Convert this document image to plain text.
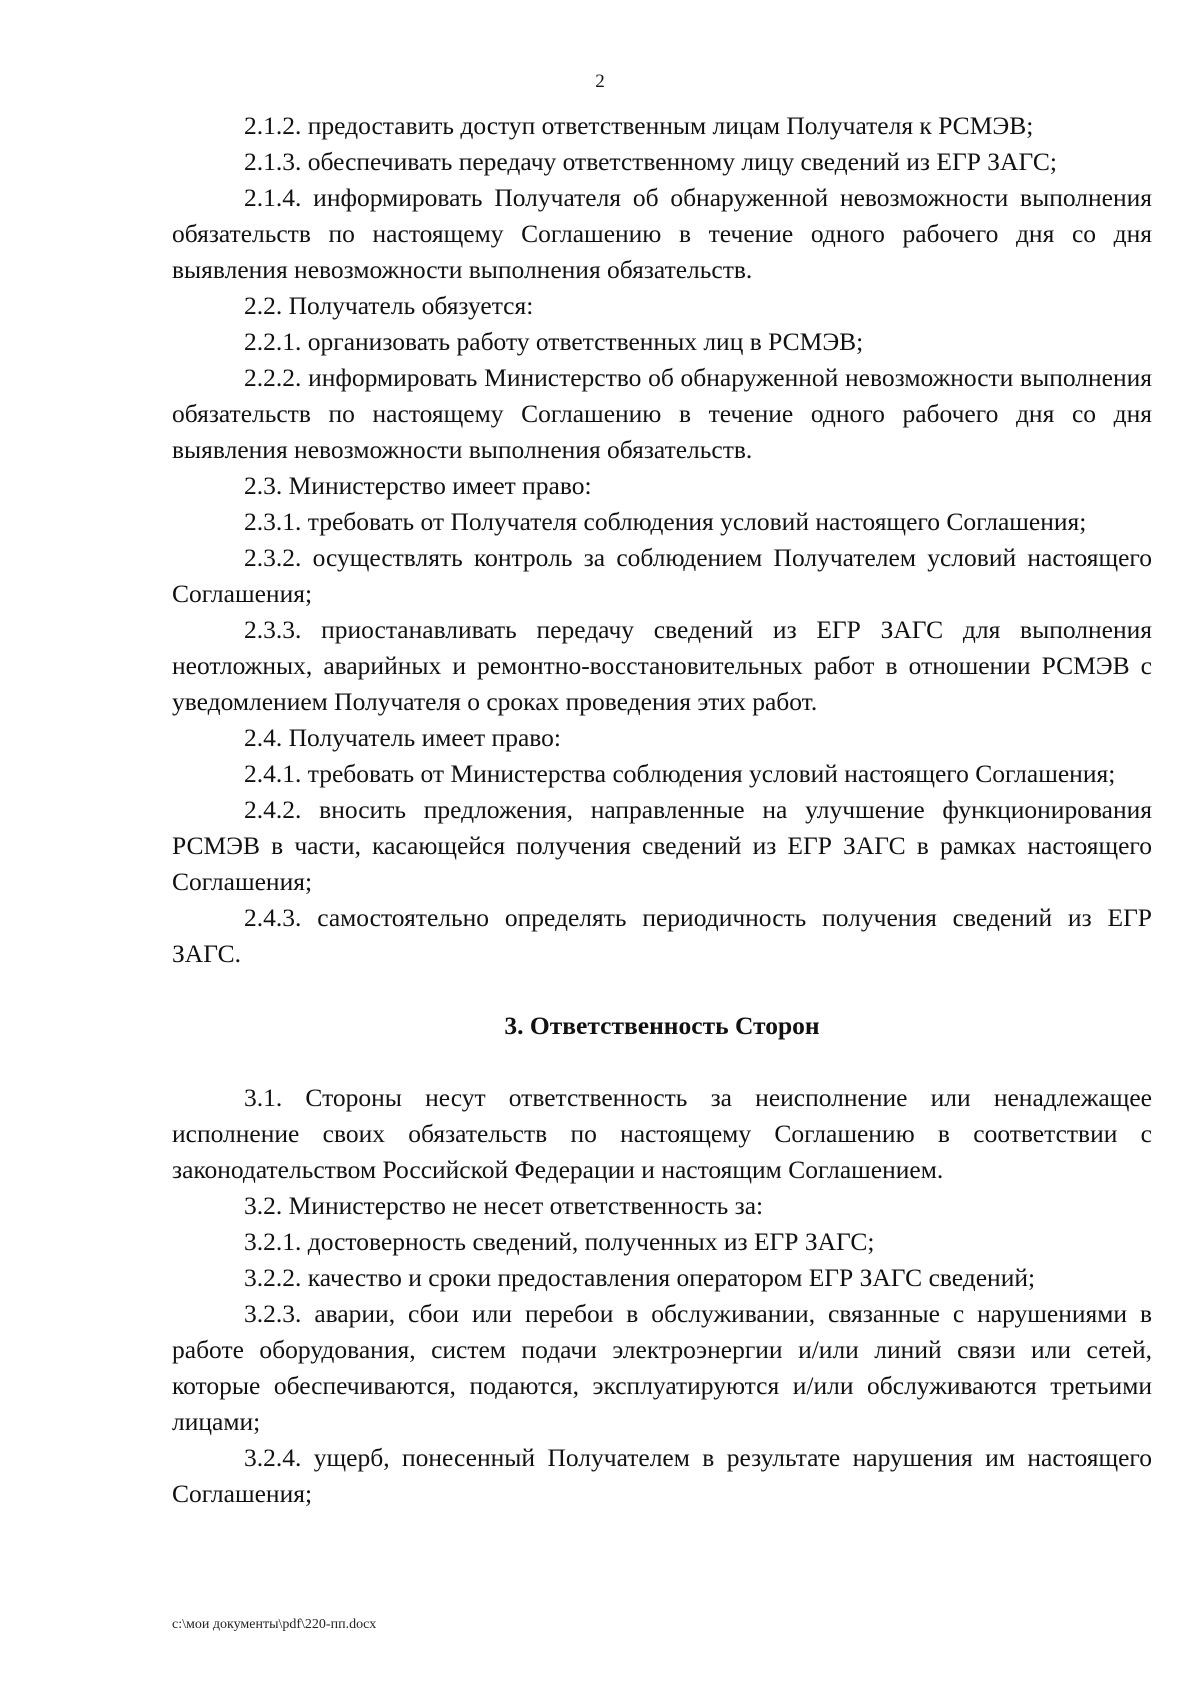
2

2.1.2. предоставить доступ ответственным лицам Получателя к РСМЭВ;

2.1.3. обеспечивать передачу ответственному лицу сведений из ЕГР ЗАГС;

2.1.4. информировать Получателя об обнаруженной невозможности выполнения обязательств по настоящему Соглашению в течение одного рабочего дня со дня выявления невозможности выполнения обязательств.

2.2. Получатель обязуется:

2.2.1. организовать работу ответственных лиц в РСМЭВ;

2.2.2. информировать Министерство об обнаруженной невозможности выполнения обязательств по настоящему Соглашению в течение одного рабочего дня со дня выявления невозможности выполнения обязательств.

2.3. Министерство имеет право:

2.3.1. требовать от Получателя соблюдения условий настоящего Соглашения;

2.3.2. осуществлять контроль за соблюдением Получателем условий настоящего Соглашения;

2.3.3. приостанавливать передачу сведений из ЕГР ЗАГС для выполнения неотложных, аварийных и ремонтно-восстановительных работ в отношении РСМЭВ с уведомлением Получателя о сроках проведения этих работ.

2.4. Получатель имеет право:

2.4.1. требовать от Министерства соблюдения условий настоящего Соглашения;

2.4.2. вносить предложения, направленные на улучшение функционирования РСМЭВ в части, касающейся получения сведений из ЕГР ЗАГС в рамках настоящего Соглашения;

2.4.3. самостоятельно определять периодичность получения сведений из ЕГР ЗАГС.

3. Ответственность Сторон

3.1. Стороны несут ответственность за неисполнение или ненадлежащее исполнение своих обязательств по настоящему Соглашению в соответствии с законодательством Российской Федерации и настоящим Соглашением.

3.2. Министерство не несет ответственность за:

3.2.1. достоверность сведений, полученных из ЕГР ЗАГС;

3.2.2. качество и сроки предоставления оператором ЕГР ЗАГС сведений;

3.2.3. аварии, сбои или перебои в обслуживании, связанные с нарушениями в работе оборудования, систем подачи электроэнергии и/или линий связи или сетей, которые обеспечиваются, подаются, эксплуатируются и/или обслуживаются третьими лицами;

3.2.4. ущерб, понесенный Получателем в результате нарушения им настоящего Соглашения;

c:\мои документы\pdf\220-пп.docx
